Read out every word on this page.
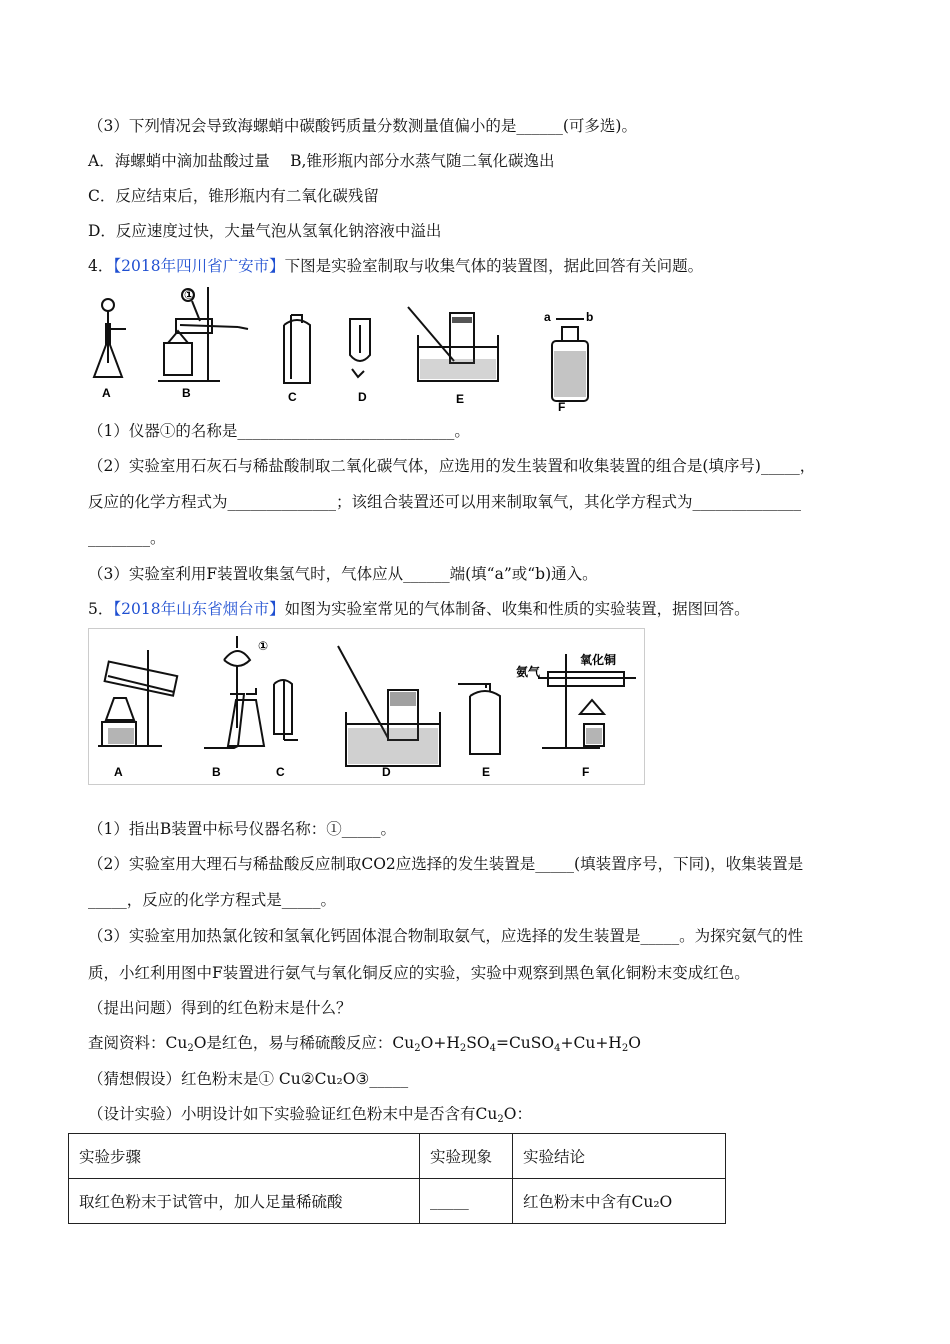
（3）下列情况会导致海螺蛸中碳酸钙质量分数测量值偏小的是______(可多选)。
A．海螺蛸中滴加盐酸过量　 B,锥形瓶内部分水蒸气随二氧化碳逸出
C．反应结束后，锥形瓶内有二氧化碳残留
D．反应速度过快，大量气泡从氢氧化钠溶液中溢出
4．【2018年四川省广安市】下图是实验室制取与收集气体的装置图，据此回答有关问题。
①
a	b
A	B	C	D	E
F
（1）仪器①的名称是____________________________。
（2）实验室用石灰石与稀盐酸制取二氧化碳气体，应选用的发生装置和收集装置的组合是(填序号)_____，
反应的化学方程式为______________；该组合装置还可以用来制取氧气，其化学方程式为______________
________。
（3）实验室利用F装置收集氢气时，气体应从______端(填“a”或“b)通入。
5．【2018年山东省烟台市】如图为实验室常见的气体制备、收集和性质的实验装置，据图回答。
①
氨气
氧化铜
A	B	C	D	E	F
（1）指出B装置中标号仪器名称：①_____。
（2）实验室用大理石与稀盐酸反应制取CO2应选择的发生装置是_____(填装置序号，下同)，收集装置是
_____，反应的化学方程式是_____。
（3）实验室用加热氯化铵和氢氧化钙固体混合物制取氨气，应选择的发生装置是_____。为探究氨气的性
质，小红利用图中F装置进行氨气与氧化铜反应的实验，实验中观察到黑色氧化铜粉末变成红色。
（提出问题）得到的红色粉末是什么？
查阅资料：$Cu_2O$是红色，易与稀硫酸反应：$Cu_2O+H_2SO_4=CuSO_4+Cu+H_2O$
（猜想假设）红色粉末是① Cu②Cu₂O③_____
（设计实验）小明设计如下实验验证红色粉末中是否含有$Cu_2O$：
实验步骤	实验现象	实验结论
取红色粉末于试管中，加人足量稀硫酸	_____	红色粉末中含有Cu₂O
